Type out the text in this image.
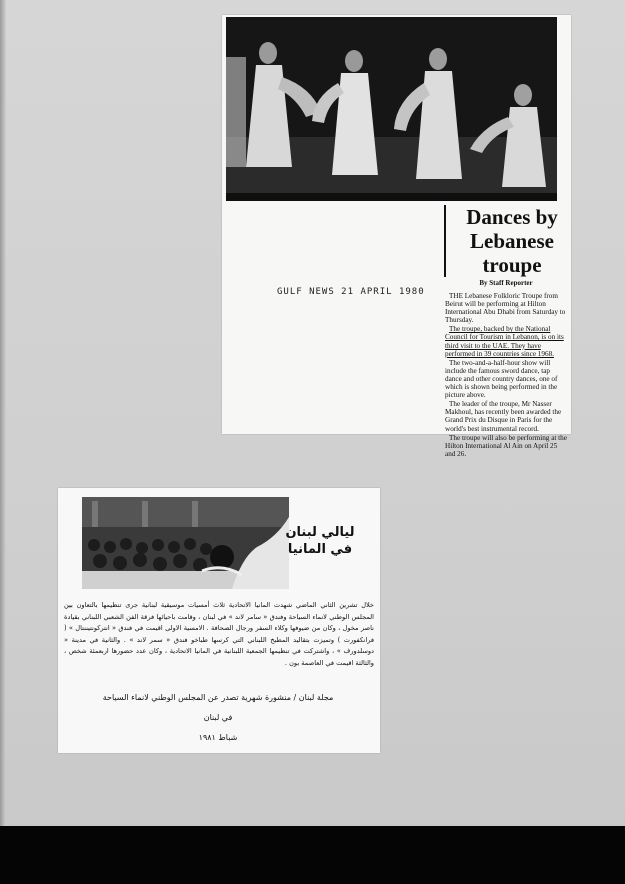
Dances by Lebanese troupe
By Staff Reporter

THE Lebanese Folkloric Troupe from Beirut will be performing at Hilton International Abu Dhabi from Saturday to Thursday.

The troupe, backed by the National Council for Tourism in Lebanon, is on its third visit to the UAE. They have performed in 39 countries since 1968.

The two-and-a-half-hour show will include the famous sword dance, tap dance and other country dances, one of which is shown being performed in the picture above.

The leader of the troupe, Mr Nasser Makhoul, has recently been awarded the Grand Prix du Disque in Paris for the world's best instrumental record.

The troupe will also be performing at the Hilton International Al Ain on April 25 and 26.

GULF NEWS 21 APRIL 1980
ليالي لبنان في المانيا
خلال تشرين الثاني الماضي شهدت المانيا الاتحادية ثلاث أمسيات موسيقية لبنانية جرى تنظيمها بالتعاون بين المجلس الوطني لانماء السياحة وفندق « سامر لاند » في لبنان ، وقامت باحيائها فرقة الفن الشعبي اللبناني بقيادة ناصر مخول ، وكان من ضيوفها وكلاء السفر ورجال الصحافة . الامسية الاولى اقيمت في فندق « انتركونتيننتال » ( فرانكفورت ) وتميزت بتقاليد المطبخ اللبناني التي كرسها طباخو فندق « سمر لاند » . والثانية في مدينة « دوسلدورف » ، واشتركت في تنظيمها الجمعية اللبنانية في المانيا الاتحادية ، وكان عدد حضورها اربعمئة شخص ، والثالثة اقيمت في العاصمة بون .
مجلة لبنان / منشورة شهرية تصدر عن المجلس الوطني لانماء السياحة
في لبنان
شباط ١٩٨١
